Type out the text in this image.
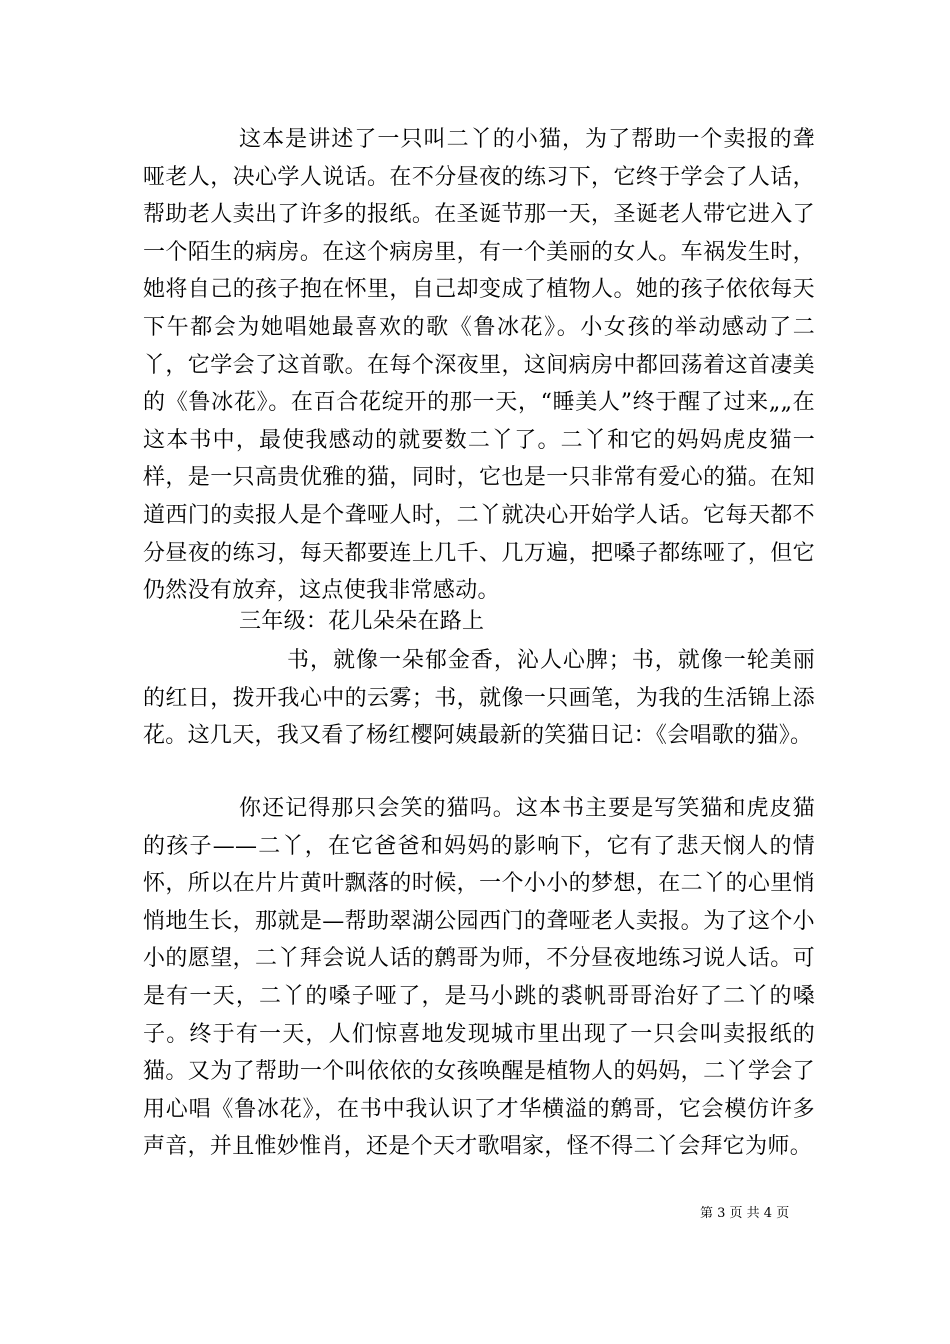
这本是讲述了一只叫二丫的小猫，为了帮助一个卖报的聋哑老人，决心学人说话。在不分昼夜的练习下，它终于学会了人话，帮助老人卖出了许多的报纸。在圣诞节那一天，圣诞老人带它进入了一个陌生的病房。在这个病房里，有一个美丽的女人。车祸发生时，她将自己的孩子抱在怀里，自己却变成了植物人。她的孩子依依每天下午都会为她唱她最喜欢的歌《鲁冰花》。小女孩的举动感动了二丫，它学会了这首歌。在每个深夜里，这间病房中都回荡着这首凄美的《鲁冰花》。在百合花绽开的那一天，“睡美人”终于醒了过来„„在这本书中，最使我感动的就要数二丫了。二丫和它的妈妈虎皮猫一样，是一只高贵优雅的猫，同时，它也是一只非常有爱心的猫。在知道西门的卖报人是个聋哑人时，二丫就决心开始学人话。它每天都不分昼夜的练习，每天都要连上几千、几万遍，把嗓子都练哑了，但它仍然没有放弃，这点使我非常感动。

三年级：花儿朵朵在路上

书，就像一朵郁金香，沁人心脾；书，就像一轮美丽的红日，拨开我心中的云雾；书，就像一只画笔，为我的生活锦上添花。这几天，我又看了杨红樱阿姨最新的笑猫日记：《会唱歌的猫》。

你还记得那只会笑的猫吗。这本书主要是写笑猫和虎皮猫的孩子——二丫，在它爸爸和妈妈的影响下，它有了悲天悯人的情怀，所以在片片黄叶飘落的时候，一个小小的梦想，在二丫的心里悄悄地生长，那就是—帮助翠湖公园西门的聋哑老人卖报。为了这个小小的愿望，二丫拜会说人话的鹩哥为师，不分昼夜地练习说人话。可是有一天，二丫的嗓子哑了，是马小跳的裘帆哥哥治好了二丫的嗓子。终于有一天，人们惊喜地发现城市里出现了一只会叫卖报纸的猫。又为了帮助一个叫依依的女孩唤醒是植物人的妈妈，二丫学会了用心唱《鲁冰花》，在书中我认识了才华横溢的鹩哥，它会模仿许多声音，并且惟妙惟肖，还是个天才歌唱家，怪不得二丫会拜它为师。

第 3 页 共 4 页
